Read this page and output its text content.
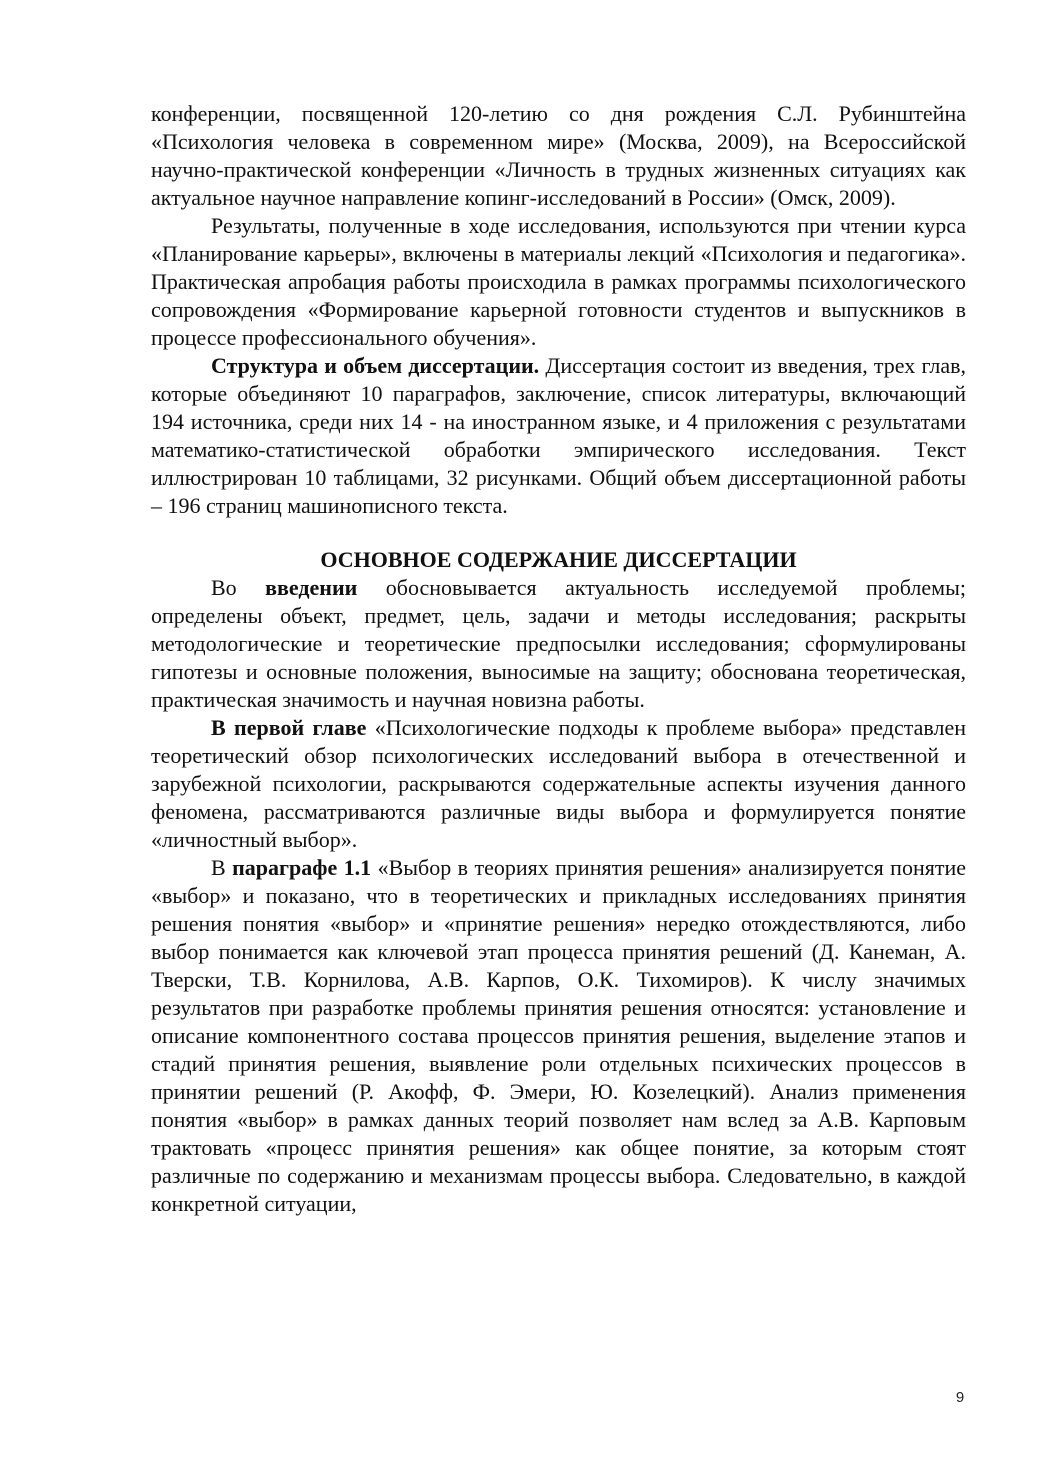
конференции, посвященной 120-летию со дня рождения С.Л. Рубинштейна «Психология человека в современном мире» (Москва, 2009), на Всероссийской научно-практической конференции «Личность в трудных жизненных ситуациях как актуальное научное направление копинг-исследований в России» (Омск, 2009).

Результаты, полученные в ходе исследования, используются при чтении курса «Планирование карьеры», включены в материалы лекций «Психология и педагогика». Практическая апробация работы происходила в рамках программы психологического сопровождения «Формирование карьерной готовности студентов и выпускников в процессе профессионального обучения».

Структура и объем диссертации. Диссертация состоит из введения, трех глав, которые объединяют 10 параграфов, заключение, список литературы, включающий 194 источника, среди них 14 - на иностранном языке, и 4 приложения с результатами математико-статистической обработки эмпирического исследования. Текст иллюстрирован 10 таблицами, 32 рисунками. Общий объем диссертационной работы – 196 страниц машинописного текста.

ОСНОВНОЕ СОДЕРЖАНИЕ ДИССЕРТАЦИИ

Во введении обосновывается актуальность исследуемой проблемы; определены объект, предмет, цель, задачи и методы исследования; раскрыты методологические и теоретические предпосылки исследования; сформулированы гипотезы и основные положения, выносимые на защиту; обоснована теоретическая, практическая значимость и научная новизна работы.

В первой главе «Психологические подходы к проблеме выбора» представлен теоретический обзор психологических исследований выбора в отечественной и зарубежной психологии, раскрываются содержательные аспекты изучения данного феномена, рассматриваются различные виды выбора и формулируется понятие «личностный выбор».

В параграфе 1.1 «Выбор в теориях принятия решения» анализируется понятие «выбор» и показано, что в теоретических и прикладных исследованиях принятия решения понятия «выбор» и «принятие решения» нередко отождествляются, либо выбор понимается как ключевой этап процесса принятия решений (Д. Канеман, А. Тверски, Т.В. Корнилова, А.В. Карпов, О.К. Тихомиров). К числу значимых результатов при разработке проблемы принятия решения относятся: установление и описание компонентного состава процессов принятия решения, выделение этапов и стадий принятия решения, выявление роли отдельных психических процессов в принятии решений (Р. Акофф, Ф. Эмери, Ю. Козелецкий). Анализ применения понятия «выбор» в рамках данных теорий позволяет нам вслед за А.В. Карповым трактовать «процесс принятия решения» как общее понятие, за которым стоят различные по содержанию и механизмам процессы выбора. Следовательно, в каждой конкретной ситуации,

9
